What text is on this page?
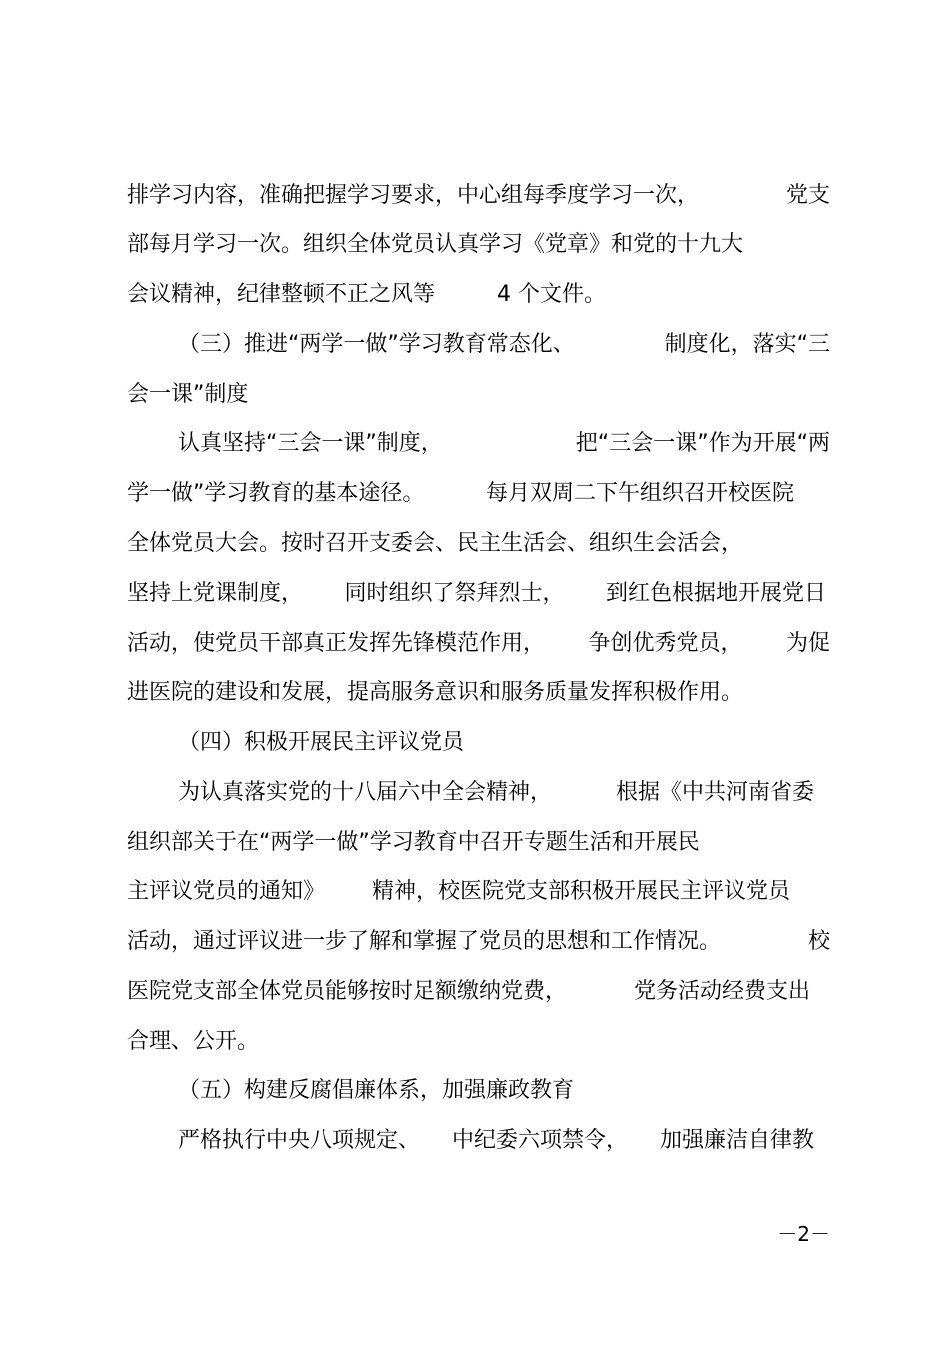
排学习内容，准确把握学习要求，中心组每季度学习一次，	党支
部每月学习一次。组织全体党员认真学习《党章》和党的十九大
会议精神，纪律整顿不正之风等	4 个文件。
（三）推进“两学一做”学习教育常态化、	制度化，落实“三
会一课”制度
认真坚持“三会一课”制度，	把“三会一课”作为开展“两
学一做”学习教育的基本途径。	每月双周二下午组织召开校医院
全体党员大会。按时召开支委会、民主生活会、组织生会活会，
坚持上党课制度， 同时组织了祭拜烈士， 到红色根据地开展党日
活动，使党员干部真正发挥先锋模范作用， 争创优秀党员， 为促
进医院的建设和发展，提高服务意识和服务质量发挥积极作用。
（四）积极开展民主评议党员
为认真落实党的十八届六中全会精神，	根据《中共河南省委
组织部关于在“两学一做”学习教育中召开专题生活和开展民
主评议党员的通知》 精神，校医院党支部积极开展民主评议党员
活动，通过评议进一步了解和掌握了党员的思想和工作情况。	校
医院党支部全体党员能够按时足额缴纳党费，	党务活动经费支出
合理、公开。
（五）构建反腐倡廉体系，加强廉政教育
严格执行中央八项规定、 中纪委六项禁令， 加强廉洁自律教
－2－
